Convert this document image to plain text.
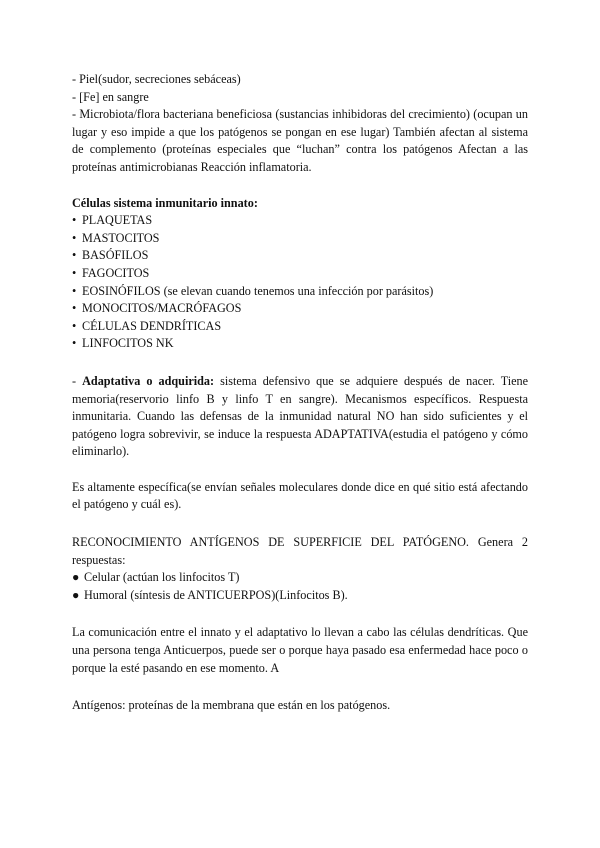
- Piel(sudor, secreciones sebáceas)

- [Fe] en sangre

- Microbiota/flora bacteriana beneficiosa (sustancias inhibidoras del crecimiento) (ocupan un lugar y eso impide a que los patógenos se pongan en ese lugar) También afectan al sistema de complemento (proteínas especiales que “luchan” contra los patógenos Afectan a las proteínas antimicrobianas Reacción inflamatoria.

Células sistema inmunitario innato:

• PLAQUETAS
• MASTOCITOS
• BASÓFILOS
• FAGOCITOS
• EOSINÓFILOS (se elevan cuando tenemos una infección por parásitos)
• MONOCITOS/MACRÓFAGOS
• CÉLULAS DENDRÍTICAS
• LINFOCITOS NK

- Adaptativa o adquirida: sistema defensivo que se adquiere después de nacer. Tiene memoria(reservorio linfo B y linfo T en sangre). Mecanismos específicos. Respuesta inmunitaria. Cuando las defensas de la inmunidad natural NO han sido suficientes y el patógeno logra sobrevivir, se induce la respuesta ADAPTATIVA(estudia el patógeno y cómo eliminarlo).

Es altamente específica(se envían señales moleculares donde dice en qué sitio está afectando el patógeno y cuál es).

RECONOCIMIENTO ANTÍGENOS DE SUPERFICIE DEL PATÓGENO. Genera 2 respuestas:

● Celular (actúan los linfocitos T)
● Humoral (síntesis de ANTICUERPOS)(Linfocitos B).

La comunicación entre el innato y el adaptativo lo llevan a cabo las células dendríticas. Que una persona tenga Anticuerpos, puede ser o porque haya pasado esa enfermedad hace poco o porque la esté pasando en ese momento. A

Antígenos: proteínas de la membrana que están en los patógenos.
